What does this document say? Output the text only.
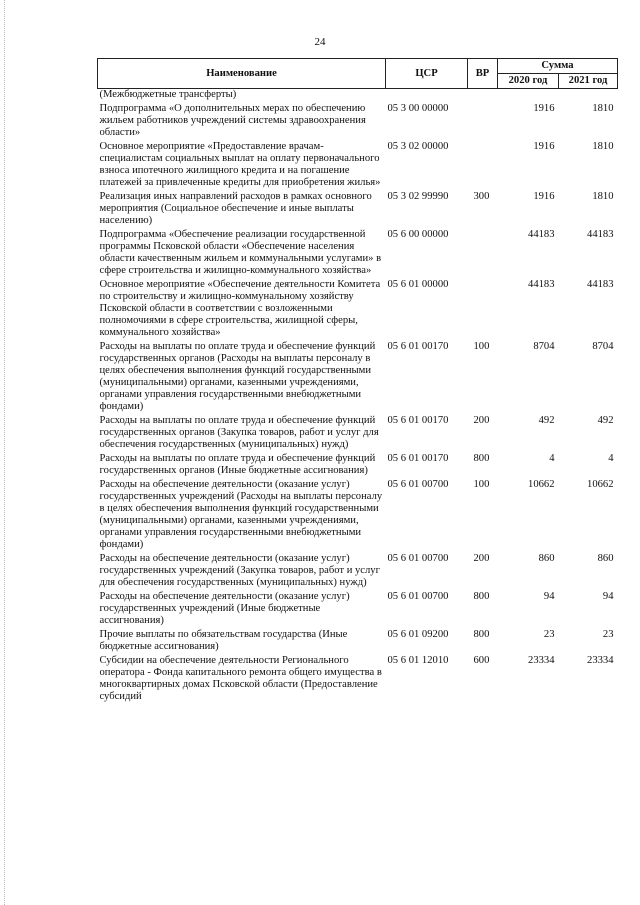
24
Наименование	ЦСР	ВР	Сумма	
			2020 год	2021 год
(Межбюджетные трансферты)				
Подпрограмма «О дополнительных мерах по обеспечению жильем работников учреждений системы здравоохранения области»	05 3 00 00000		1916	1810
Основное мероприятие «Предоставление врачам-специалистам социальных выплат на оплату первоначального взноса ипотечного жилищного кредита и на погашение платежей за привлеченные кредиты для приобретения жилья»	05 3 02 00000		1916	1810
Реализация иных направлений расходов в рамках основного мероприятия (Социальное обеспечение и иные выплаты населению)	05 3 02 99990	300	1916	1810
Подпрограмма «Обеспечение реализации государственной программы Псковской области «Обеспечение населения области качественным жильем и коммунальными услугами» в сфере строительства и жилищно-коммунального хозяйства»	05 6 00 00000		44183	44183
Основное мероприятие «Обеспечение деятельности Комитета по строительству и жилищно-коммунальному хозяйству Псковской области в соответствии с возложенными полномочиями в сфере строительства, жилищной сферы, коммунального хозяйства»	05 6 01 00000		44183	44183
Расходы на выплаты по оплате труда и обеспечение функций государственных органов (Расходы на выплаты персоналу в целях обеспечения выполнения функций государственными (муниципальными) органами, казенными учреждениями, органами управления государственными внебюджетными фондами)	05 6 01 00170	100	8704	8704
Расходы на выплаты по оплате труда и обеспечение функций государственных органов (Закупка товаров, работ и услуг для обеспечения государственных (муниципальных) нужд)	05 6 01 00170	200	492	492
Расходы на выплаты по оплате труда и обеспечение функций государственных органов (Иные бюджетные ассигнования)	05 6 01 00170	800	4	4
Расходы на обеспечение деятельности (оказание услуг) государственных учреждений (Расходы на выплаты персоналу в целях обеспечения выполнения функций государственными (муниципальными) органами, казенными учреждениями, органами управления государственными внебюджетными фондами)	05 6 01 00700	100	10662	10662
Расходы на обеспечение деятельности (оказание услуг) государственных учреждений (Закупка товаров, работ и услуг для обеспечения государственных (муниципальных) нужд)	05 6 01 00700	200	860	860
Расходы на обеспечение деятельности (оказание услуг) государственных учреждений (Иные бюджетные ассигнования)	05 6 01 00700	800	94	94
Прочие выплаты по обязательствам государства (Иные бюджетные ассигнования)	05 6 01 09200	800	23	23
Субсидии на обеспечение деятельности Регионального оператора - Фонда капитального ремонта общего имущества в многоквартирных домах Псковской области (Предоставление субсидий	05 6 01 12010	600	23334	23334
